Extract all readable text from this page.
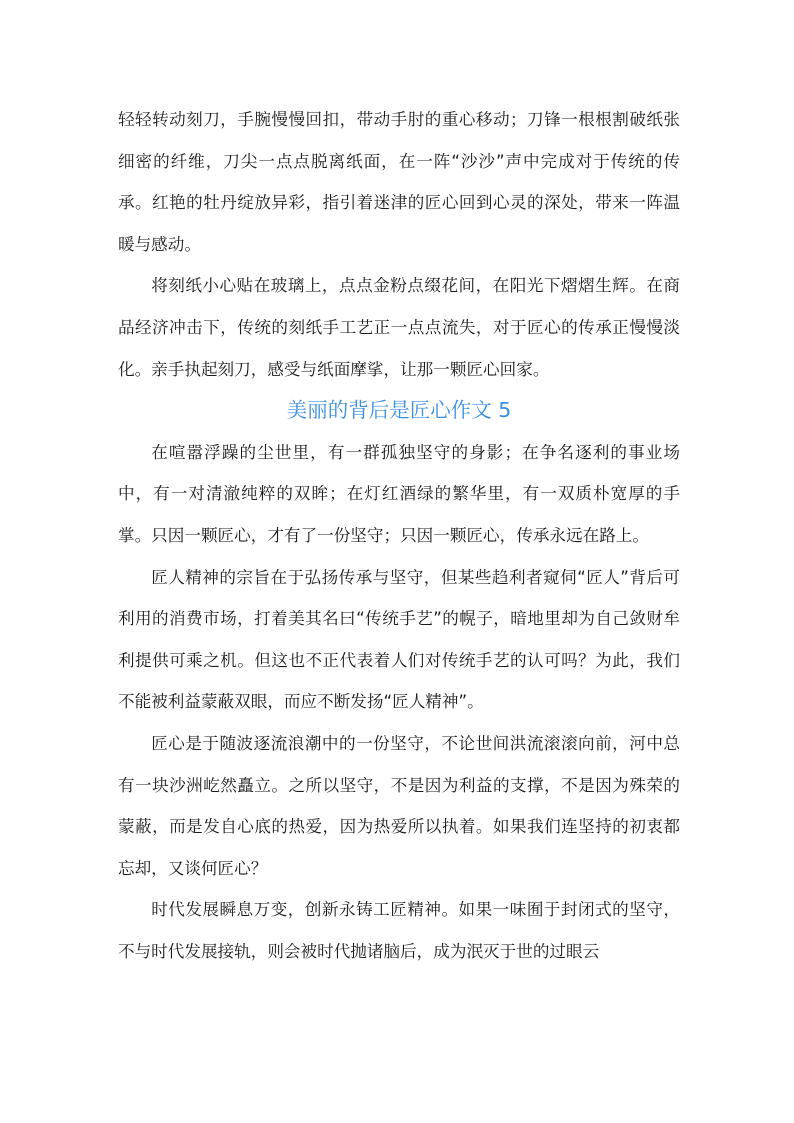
轻轻转动刻刀，手腕慢慢回扣，带动手肘的重心移动；刀锋一根根割破纸张细密的纤维，刀尖一点点脱离纸面，在一阵“沙沙”声中完成对于传统的传承。红艳的牡丹绽放异彩，指引着迷津的匠心回到心灵的深处，带来一阵温暖与感动。

将刻纸小心贴在玻璃上，点点金粉点缀花间，在阳光下熠熠生辉。在商品经济冲击下，传统的刻纸手工艺正一点点流失，对于匠心的传承正慢慢淡化。亲手执起刻刀，感受与纸面摩挲，让那一颗匠心回家。

美丽的背后是匠心作文 5

在喧嚣浮躁的尘世里，有一群孤独坚守的身影；在争名逐利的事业场中，有一对清澈纯粹的双眸；在灯红酒绿的繁华里，有一双质朴宽厚的手掌。只因一颗匠心，才有了一份坚守；只因一颗匠心，传承永远在路上。

匠人精神的宗旨在于弘扬传承与坚守，但某些趋利者窥伺“匠人”背后可利用的消费市场，打着美其名曰“传统手艺”的幌子，暗地里却为自己敛财牟利提供可乘之机。但这也不正代表着人们对传统手艺的认可吗？为此，我们不能被利益蒙蔽双眼，而应不断发扬“匠人精神”。

匠心是于随波逐流浪潮中的一份坚守，不论世间洪流滚滚向前，河中总有一块沙洲屹然矗立。之所以坚守，不是因为利益的支撑，不是因为殊荣的蒙蔽，而是发自心底的热爱，因为热爱所以执着。如果我们连坚持的初衷都忘却，又谈何匠心？

时代发展瞬息万变，创新永铸工匠精神。如果一味囿于封闭式的坚守，不与时代发展接轨，则会被时代抛诸脑后，成为泯灭于世的过眼云
